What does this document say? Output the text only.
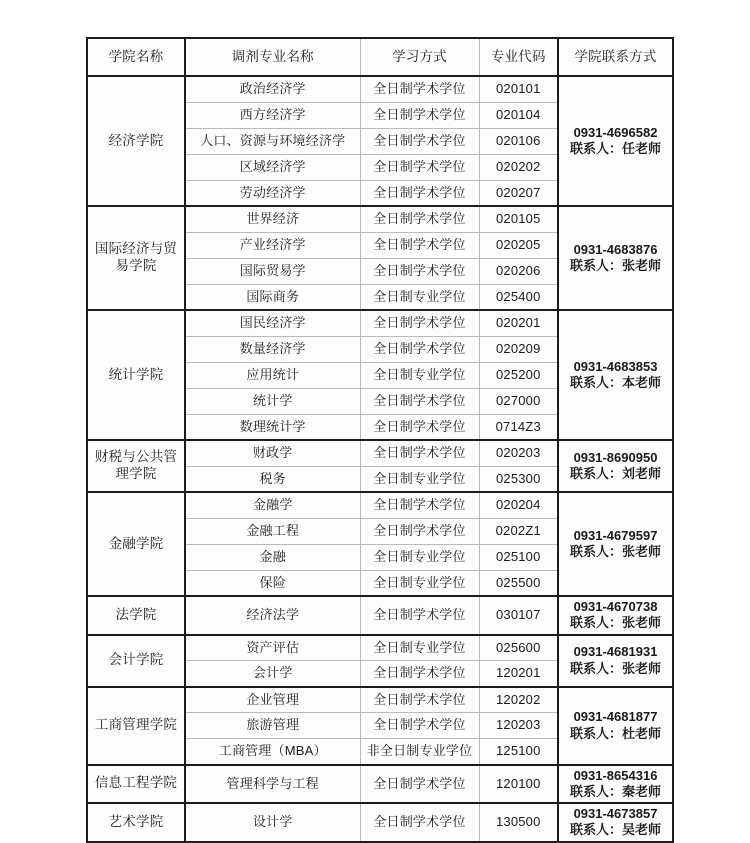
学院名称	调剂专业名称	学习方式	专业代码	学院联系方式
经济学院	政治经济学	全日制学术学位	020101	0931-4696582
联系人：任老师

	西方经济学	全日制学术学位	020104	
	人口、资源与环境经济学	全日制学术学位	020106	
	区域经济学	全日制学术学位	020202	
	劳动经济学	全日制学术学位	020207	
国际经济与贸易学院	世界经济	全日制学术学位	020105	0931-4683876
联系人：张老师

	产业经济学	全日制学术学位	020205	
	国际贸易学	全日制学术学位	020206	
	国际商务	全日制专业学位	025400	
统计学院	国民经济学	全日制学术学位	020201	0931-4683853
联系人：本老师

	数量经济学	全日制学术学位	020209	
	应用统计	全日制专业学位	025200	
	统计学	全日制学术学位	027000	
	数理统计学	全日制学术学位	0714Z3	
财税与公共管理学院	财政学	全日制学术学位	020203	0931-8690950
联系人：刘老师

	税务	全日制专业学位	025300	
金融学院	金融学	全日制学术学位	020204	0931-4679597
联系人：张老师

	金融工程	全日制学术学位	0202Z1	
	金融	全日制专业学位	025100	
	保险	全日制专业学位	025500	
法学院	经济法学	全日制学术学位	030107	0931-4670738
联系人：张老师

会计学院	资产评估	全日制专业学位	025600	0931-4681931
联系人：张老师

	会计学	全日制学术学位	120201	
工商管理学院	企业管理	全日制学术学位	120202	0931-4681877
联系人：杜老师

	旅游管理	全日制学术学位	120203	
	工商管理（MBA）	非全日制专业学位	125100	
信息工程学院	管理科学与工程	全日制学术学位	120100	0931-8654316
联系人：秦老师

艺术学院	设计学	全日制学术学位	130500	0931-4673857
联系人：吴老师
